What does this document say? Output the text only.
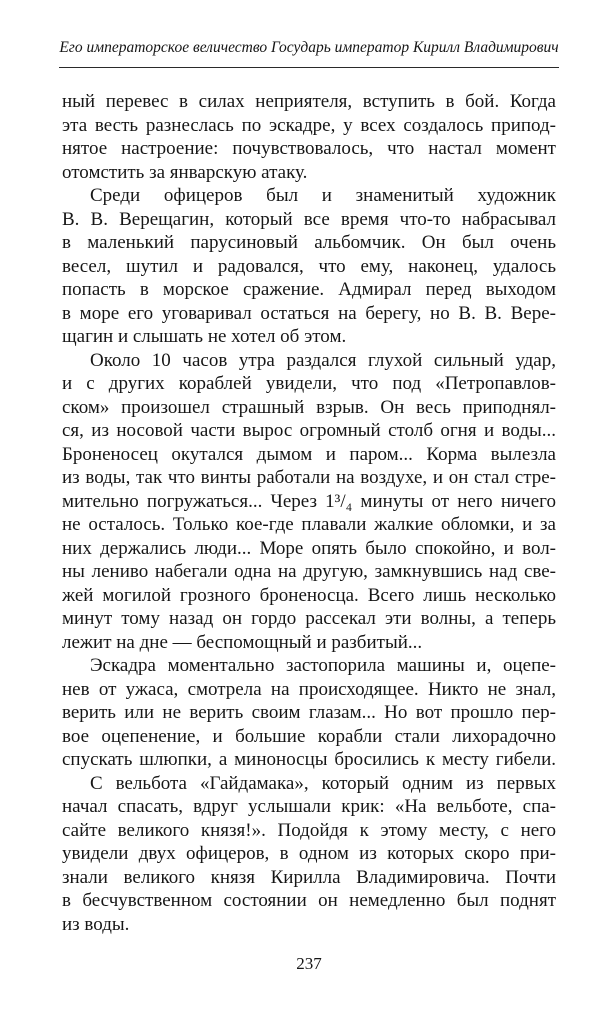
Его императорское величество Государь император Кирилл Владимирович
ный перевес в силах неприятеля, вступить в бой. Когда
эта весть разнеслась по эскадре, у всех создалось припод-
нятое настроение: почувствовалось, что настал момент
отомстить за январскую атаку.
Среди офицеров был и знаменитый художник
В. В. Верещагин, который все время что-то набрасывал
в маленький парусиновый альбомчик. Он был очень
весел, шутил и радовался, что ему, наконец, удалось
попасть в морское сражение. Адмирал перед выходом
в море его уговаривал остаться на берегу, но В. В. Вере-
щагин и слышать не хотел об этом.
Около 10 часов утра раздался глухой сильный удар,
и с других кораблей увидели, что под «Петропавлов-
ском» произошел страшный взрыв. Он весь приподнял-
ся, из носовой части вырос огромный столб огня и воды...
Броненосец окутался дымом и паром... Корма вылезла
из воды, так что винты работали на воздухе, и он стал стре-
мительно погружаться... Через 1³/₄ минуты от него ничего
не осталось. Только кое-где плавали жалкие обломки, и за
них держались люди... Море опять было спокойно, и вол-
ны лениво набегали одна на другую, замкнувшись над све-
жей могилой грозного броненосца. Всего лишь несколько
минут тому назад он гордо рассекал эти волны, а теперь
лежит на дне — беспомощный и разбитый...
Эскадра моментально застопорила машины и, оцепе-
нев от ужаса, смотрела на происходящее. Никто не знал,
верить или не верить своим глазам... Но вот прошло пер-
вое оцепенение, и большие корабли стали лихорадочно
спускать шлюпки, а миноносцы бросились к месту гибели.
С вельбота «Гайдамака», который одним из первых
начал спасать, вдруг услышали крик: «На вельботе, спа-
сайте великого князя!». Подойдя к этому месту, с него
увидели двух офицеров, в одном из которых скоро при-
знали великого князя Кирилла Владимировича. Почти
в бесчувственном состоянии он немедленно был поднят
из воды.
237
